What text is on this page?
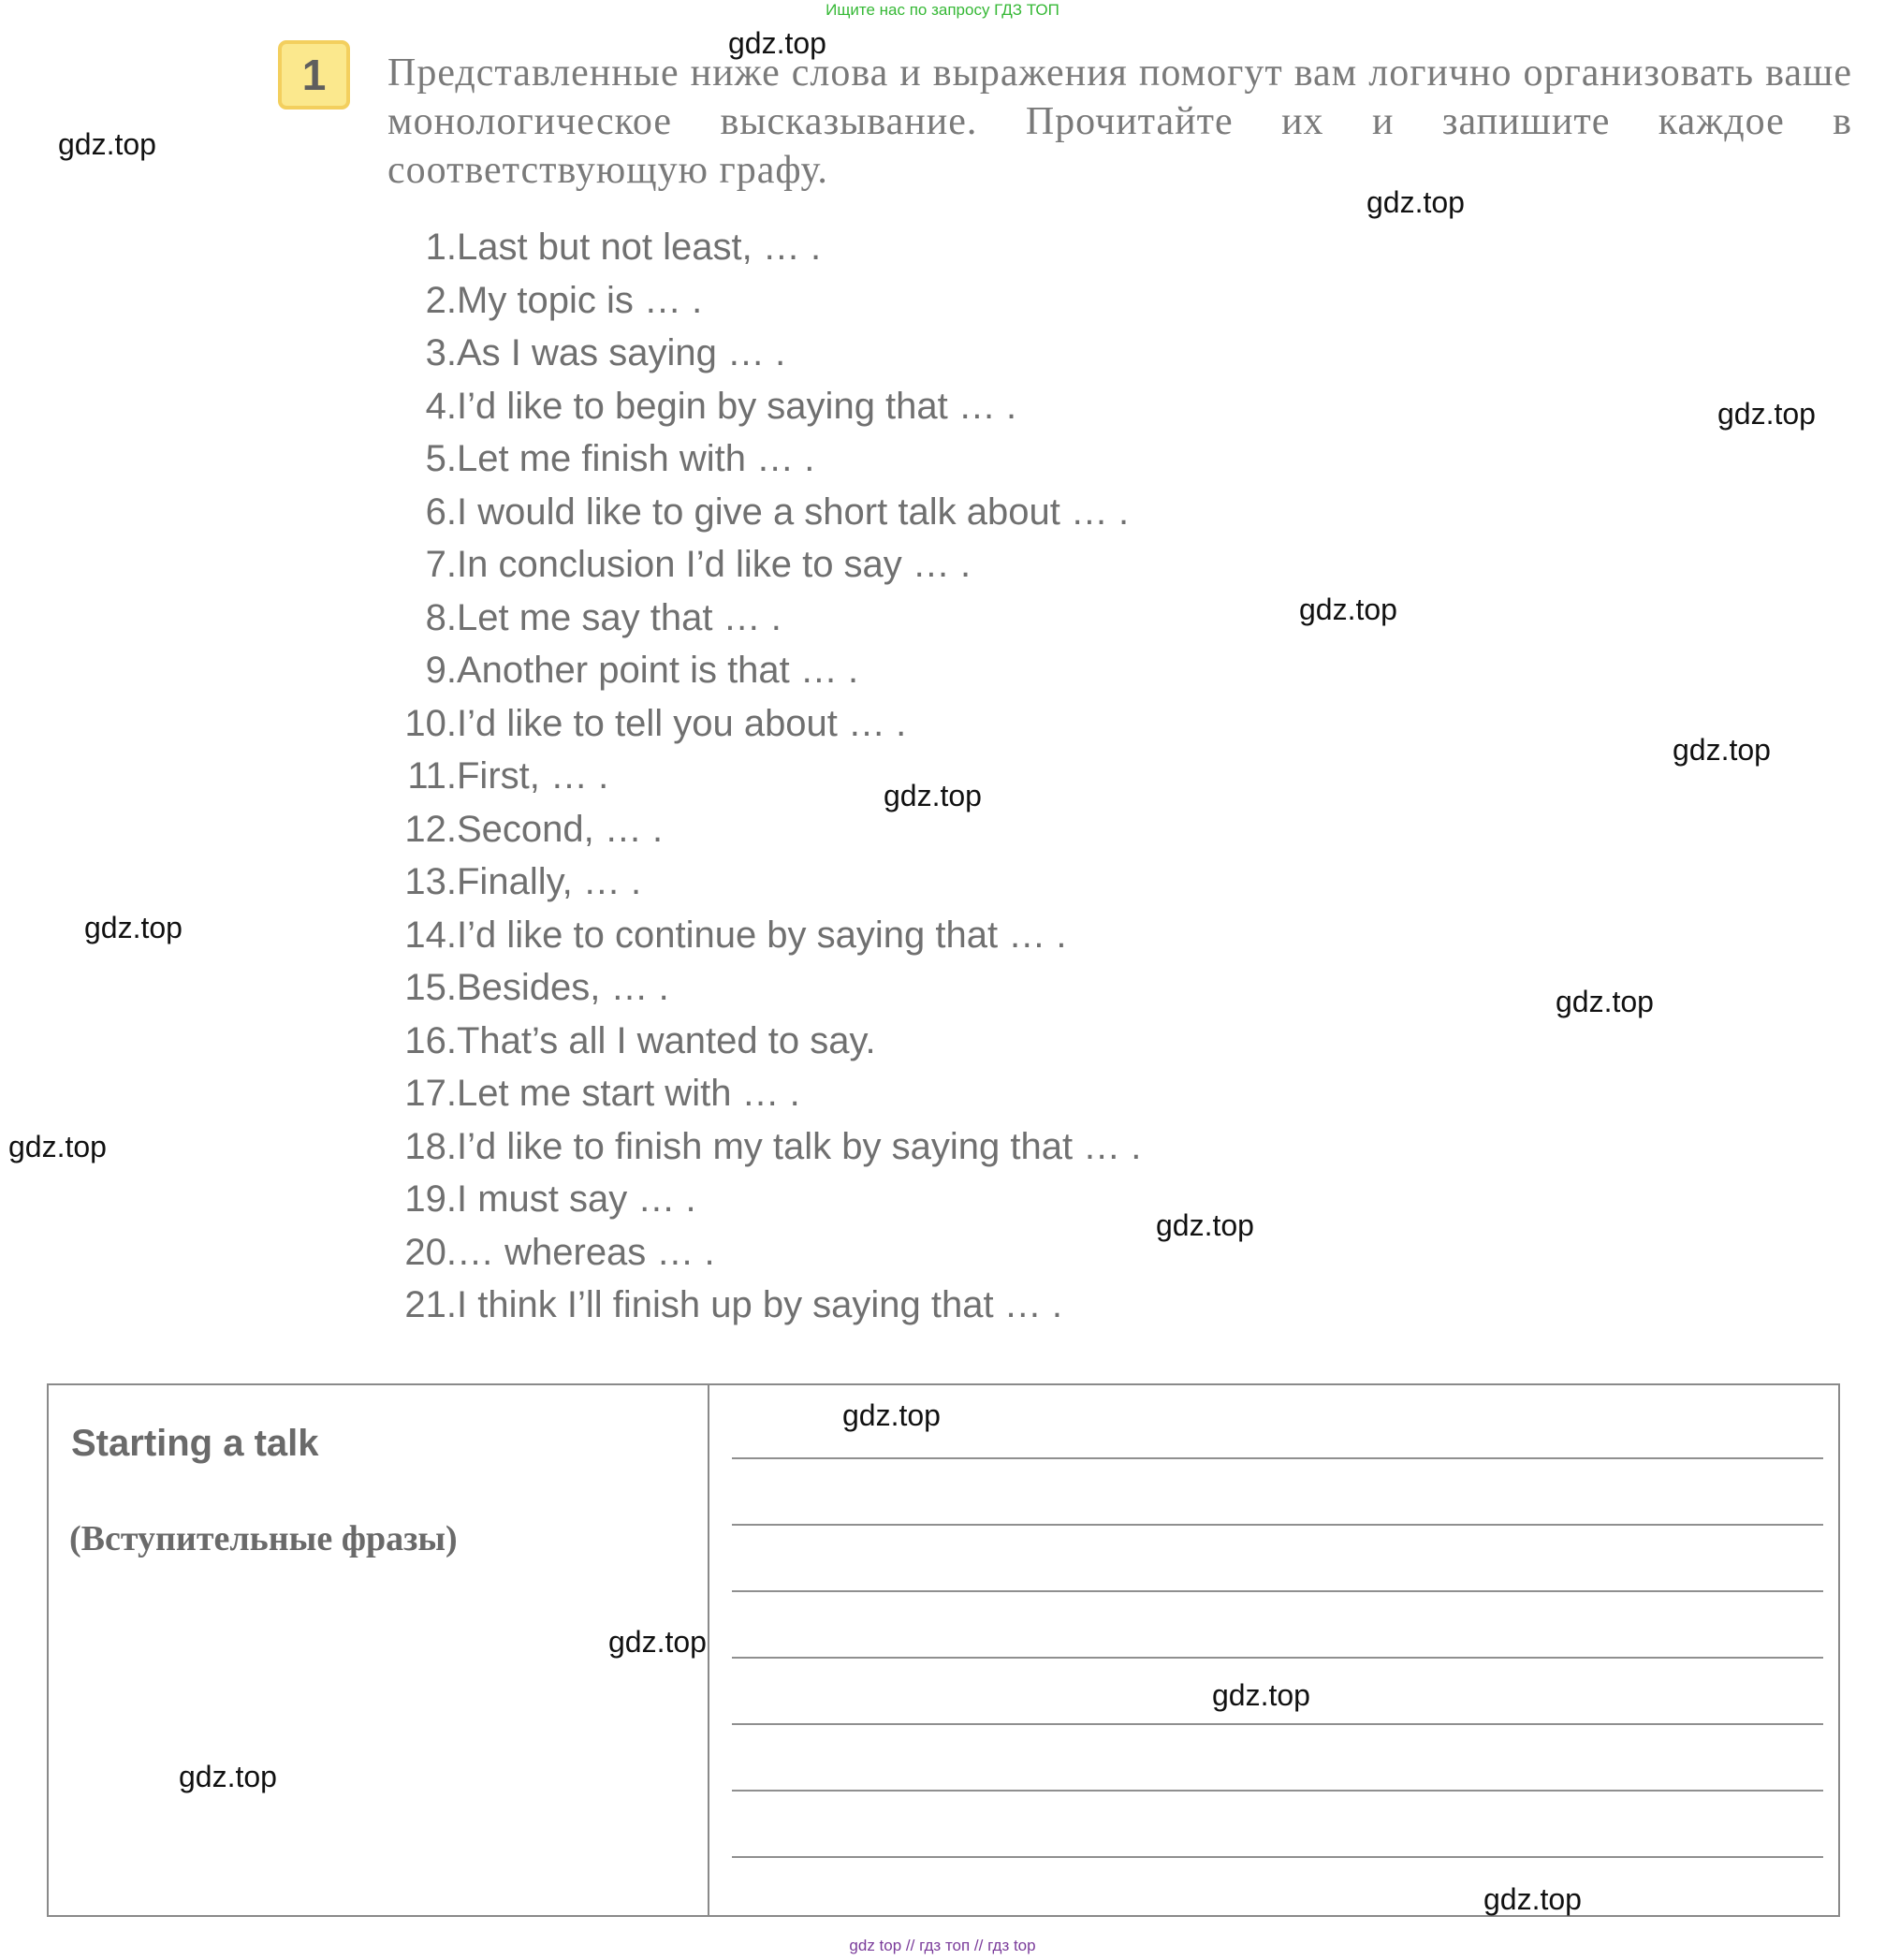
Ищите нас по запросу ГДЗ ТОП
1	Представленные ниже слова и выражения помогут вам логично организовать ваше монологическое высказывание. Прочитайте их и запишите каждое в соответствующую графу.

1. Last but not least, … .
2. My topic is … .
3. As I was saying … .
4. I’d like to begin by saying that … .
5. Let me finish with … .
6. I would like to give a short talk about … .
7. In conclusion I’d like to say … .
8. Let me say that … .
9. Another point is that … .
10. I’d like to tell you about … .
11. First, … .
12. Second, … .
13. Finally, … .
14. I’d like to continue by saying that … .
15. Besides, … .
16. That’s all I wanted to say.
17. Let me start with … .
18. I’d like to finish my talk by saying that … .
19. I must say … .
20. … whereas … .
21. I think I’ll finish up by saying that … .
Starting a talk
(Вступительные фразы)
gdz.top
gdz.top
gdz.top
gdz.top
gdz.top
gdz.top
gdz.top
gdz.top
gdz.top
gdz.top
gdz.top
gdz.top
gdz.top
gdz.top
gdz.top
gdz.top
gdz top // гдз топ // гдз top
